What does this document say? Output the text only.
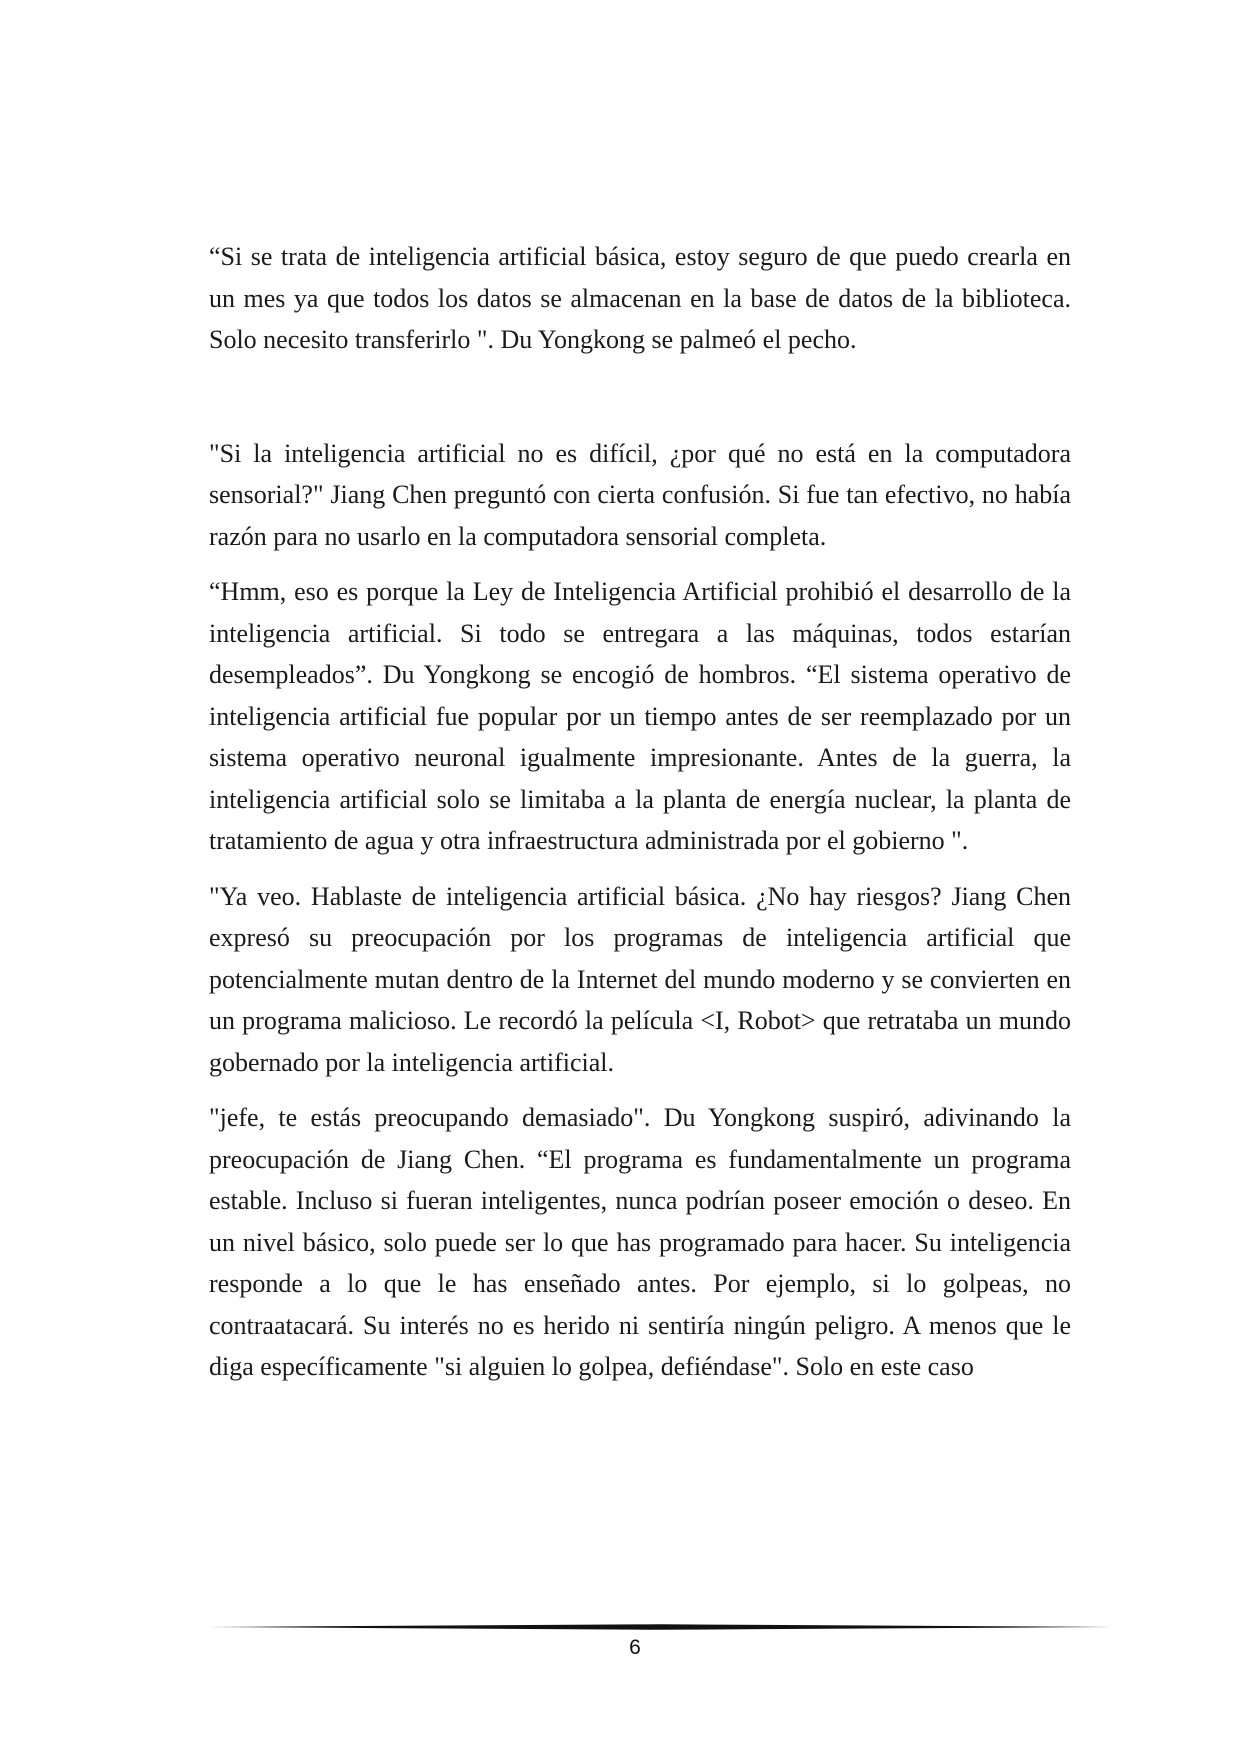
“Si se trata de inteligencia artificial básica, estoy seguro de que puedo crearla en un mes ya que todos los datos se almacenan en la base de datos de la biblioteca. Solo necesito transferirlo ". Du Yongkong se palmeó el pecho.

"Si la inteligencia artificial no es difícil, ¿por qué no está en la computadora sensorial?" Jiang Chen preguntó con cierta confusión. Si fue tan efectivo, no había razón para no usarlo en la computadora sensorial completa.

“Hmm, eso es porque la Ley de Inteligencia Artificial prohibió el desarrollo de la inteligencia artificial. Si todo se entregara a las máquinas, todos estarían desempleados”. Du Yongkong se encogió de hombros. “El sistema operativo de inteligencia artificial fue popular por un tiempo antes de ser reemplazado por un sistema operativo neuronal igualmente impresionante. Antes de la guerra, la inteligencia artificial solo se limitaba a la planta de energía nuclear, la planta de tratamiento de agua y otra infraestructura administrada por el gobierno ".

"Ya veo. Hablaste de inteligencia artificial básica. ¿No hay riesgos? Jiang Chen expresó su preocupación por los programas de inteligencia artificial que potencialmente mutan dentro de la Internet del mundo moderno y se convierten en un programa malicioso. Le recordó la película <I, Robot> que retrataba un mundo gobernado por la inteligencia artificial.

"jefe, te estás preocupando demasiado". Du Yongkong suspiró, adivinando la preocupación de Jiang Chen. “El programa es fundamentalmente un programa estable. Incluso si fueran inteligentes, nunca podrían poseer emoción o deseo. En un nivel básico, solo puede ser lo que has programado para hacer. Su inteligencia responde a lo que le has enseñado antes. Por ejemplo, si lo golpeas, no contraatacará. Su interés no es herido ni sentiría ningún peligro. A menos que le diga específicamente "si alguien lo golpea, defiéndase". Solo en este caso

6
